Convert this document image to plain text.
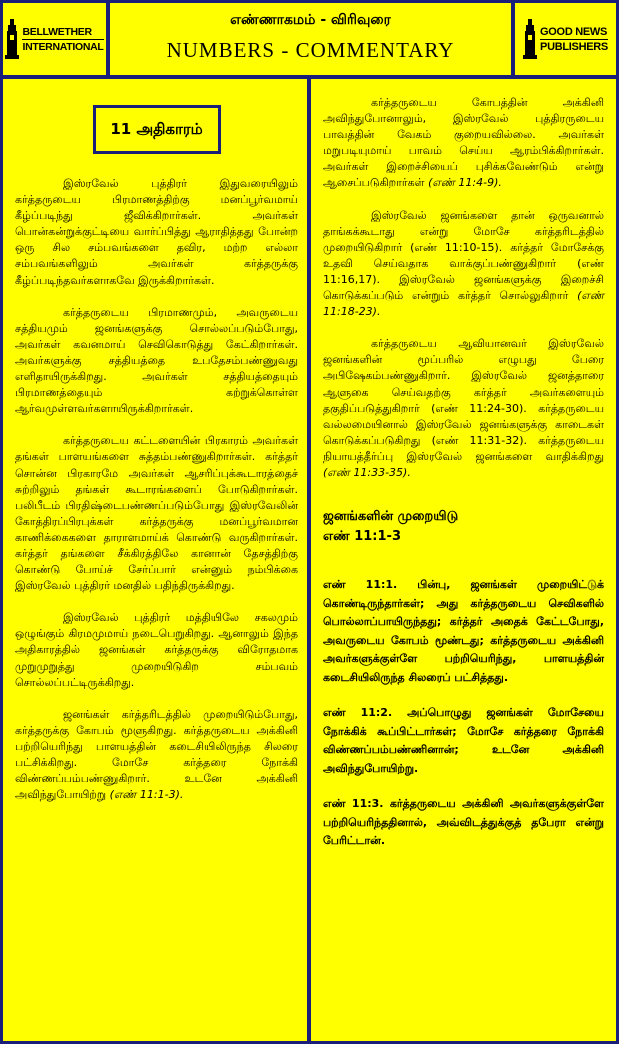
BELLWETHER
INTERNATIONAL
எண்ணாகமம் - விரிவுரை
NUMBERS - COMMENTARY
GOOD NEWS
PUBLISHERS
11 அதிகாரம்

இஸ்ரவேல் புத்திரர் இதுவரையிலும் கர்த்தருடைய பிரமாணத்திற்கு மனப்பூர்வமாய் கீழ்ப்படிந்து ஜீவிக்கிறார்கள். அவர்கள் பொன்கன்றுக்குட்டியை வார்ப்பித்து ஆராதித்தது போன்ற ஒரு சில சம்பவங்களை தவிர, மற்ற எல்லா சம்பவங்களிலும் அவர்கள் கர்த்தருக்கு கீழ்ப்படிந்தவர்களாகவே இருக்கிறார்கள்.

கர்த்தருடைய பிரமாணமும், அவருடைய சத்தியமும் ஜனங்களுக்கு சொல்லப்படும்போது, அவர்கள் கவனமாய் செவிகொடுத்து கேட்கிறார்கள். அவர்களுக்கு சத்தியத்தை உபதேசம்பண்ணுவது எளிதாயிருக்கிறது. அவர்கள் சத்தியத்தையும் பிரமாணத்தையும் கற்றுக்கொள்ள ஆர்வமுள்ளவர்களாயிருக்கிறார்கள்.

கர்த்தருடைய கட்டளையின் பிரகாரம் அவர்கள் தங்கள் பாளயங்களை சுத்தம்பண்ணுகிறார்கள். கர்த்தர் சொன்ன பிரகாரமே அவர்கள் ஆசரிப்புக்கூடாரத்தைச் சுற்றிலும் தங்கள் கூடாரங்களைப் போடுகிறார்கள். பலிபீடம் பிரதிஷ்டைபண்ணப்படும்போது இஸ்ரவேலின் கோத்திரப்பிரபுக்கள் கர்த்தருக்கு மனப்பூர்வமான காணிக்கைகளை தாராளமாய்க் கொண்டு வருகிறார்கள். கர்த்தர் தங்களை சீக்கிரத்திலே கானான் தேசத்திற்கு கொண்டு போய்ச் சேர்ப்பார் என்னும் நம்பிக்கை இஸ்ரவேல் புத்திரர் மனதில் பதிந்திருக்கிறது.

இஸ்ரவேல் புத்திரர் மத்தியிலே சகலமும் ஒழுங்கும் கிரமமுமாய் நடைபெறுகிறது. ஆனாலும் இந்த அதிகாரத்தில் ஜனங்கள் கர்த்தருக்கு விரோதமாக முறுமுறுத்து முறையிடுகிற சம்பவம் சொல்லப்பட்டிருக்கிறது.

ஜனங்கள் கர்த்தரிடத்தில் முறையிடும்போது, கர்த்தருக்கு கோபம் மூளுகிறது. கர்த்தருடைய அக்கினி பற்றியெரிந்து பாளயத்தின் கடைசியிலிருந்த சிலரை பட்சிக்கிறது. மோசே கர்த்தரை நோக்கி விண்ணப்பம்பண்ணுகிறார். உடனே அக்கினி அவிந்துபோயிற்று (எண் 11:1-3).

கர்த்தருடைய கோபத்தின் அக்கினி அவிந்துபோனாலும், இஸ்ரவேல் புத்திரருடைய பாவத்தின் வேகம் குறையவில்லை. அவர்கள் மறுபடியுமாய் பாவம் செய்ய ஆரம்பிக்கிறார்கள். அவர்கள் இறைச்சியைப் புசிக்கவேண்டும் என்று ஆசைப்படுகிறார்கள் (எண் 11:4-9).

இஸ்ரவேல் ஜனங்களை தான் ஒருவனால் தாங்கக்கூடாது என்று மோசே கர்த்தரிடத்தில் முறையிடுகிறார் (எண் 11:10-15). கர்த்தர் மோசேக்கு உதவி செய்வதாக வாக்குப்பண்ணுகிறார் (எண் 11:16,17). இஸ்ரவேல் ஜனங்களுக்கு இறைச்சி கொடுக்கப்படும் என்றும் கர்த்தர் சொல்லுகிறார் (எண் 11:18-23).

கர்த்தருடைய ஆவியானவர் இஸ்ரவேல் ஜனங்களின் மூப்பரில் எழுபது பேரை அபிஷேகம்பண்ணுகிறார். இஸ்ரவேல் ஜனத்தாரை ஆளுகை செய்வதற்கு கர்த்தர் அவர்களையும் தகுதிப்படுத்துகிறார் (எண் 11:24-30). கர்த்தருடைய வல்லமையினால் இஸ்ரவேல் ஜனங்களுக்கு காடைகள் கொடுக்கப்படுகிறது (எண் 11:31-32). கர்த்தருடைய நியாயத்தீர்ப்பு இஸ்ரவேல் ஜனங்களை வாதிக்கிறது (எண் 11:33-35).

ஜனங்களின் முறையிடு
எண் 11:1-3

எண் 11:1. பின்பு, ஜனங்கள் முறையிட்டுக் கொண்டிருந்தார்கள்; அது கர்த்தருடைய செவிகளில் பொல்லாப்பாயிருந்தது; கர்த்தர் அதைக் கேட்டபோது, அவருடைய கோபம் மூண்டது; கர்த்தருடைய அக்கினி அவர்களுக்குள்ளே பற்றியெரிந்து, பாளயத்தின் கடைசியிலிருந்த சிலரைப் பட்சித்தது.

எண் 11:2. அப்பொழுது ஜனங்கள் மோசேயை நோக்கிக் கூப்பிட்டார்கள்; மோசே கர்த்தரை நோக்கி விண்ணப்பம்பண்ணினான்; உடனே அக்கினி அவிந்துபோயிற்று.

எண் 11:3. கர்த்தருடைய அக்கினி அவர்களுக்குள்ளே பற்றியெரிந்ததினால், அவ்விடத்துக்குத் தபேரா என்று பேரிட்டான்.
